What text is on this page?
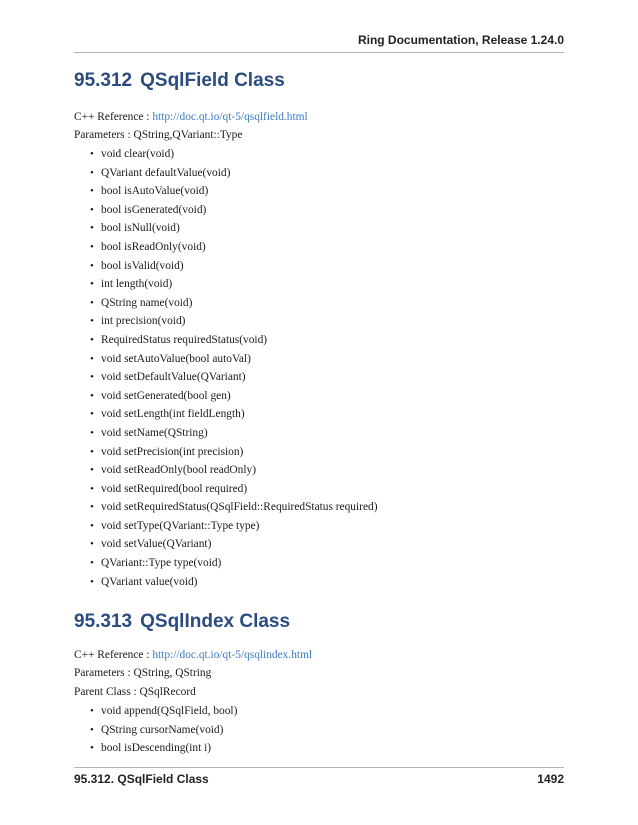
Ring Documentation, Release 1.24.0
95.312 QSqlField Class

C++ Reference : http://doc.qt.io/qt-5/qsqlfield.html

Parameters : QString,QVariant::Type

• void clear(void)
• QVariant defaultValue(void)
• bool isAutoValue(void)
• bool isGenerated(void)
• bool isNull(void)
• bool isReadOnly(void)
• bool isValid(void)
• int length(void)
• QString name(void)
• int precision(void)
• RequiredStatus requiredStatus(void)
• void setAutoValue(bool autoVal)
• void setDefaultValue(QVariant)
• void setGenerated(bool gen)
• void setLength(int fieldLength)
• void setName(QString)
• void setPrecision(int precision)
• void setReadOnly(bool readOnly)
• void setRequired(bool required)
• void setRequiredStatus(QSqlField::RequiredStatus required)
• void setType(QVariant::Type type)
• void setValue(QVariant)
• QVariant::Type type(void)
• QVariant value(void)
95.313 QSqlIndex Class

C++ Reference : http://doc.qt.io/qt-5/qsqlindex.html

Parameters : QString, QString

Parent Class : QSqlRecord

• void append(QSqlField, bool)
• QString cursorName(void)
• bool isDescending(int i)
95.312. QSqlField Class	1492
